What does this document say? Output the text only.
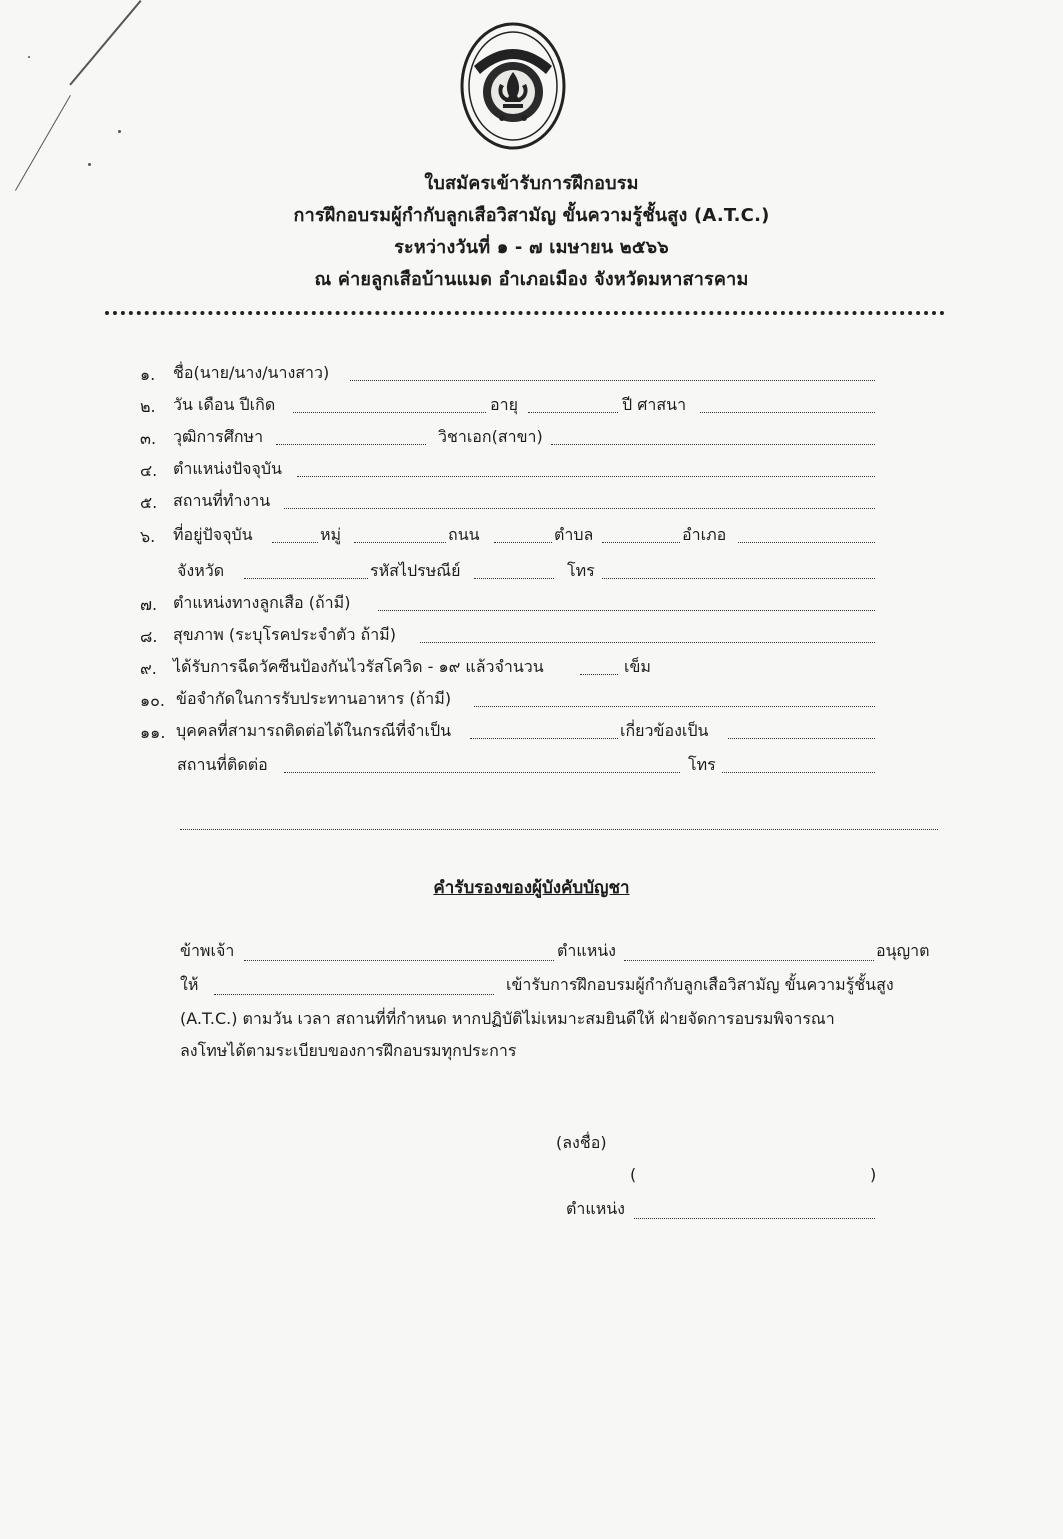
ใบสมัครเข้ารับการฝึกอบรม
การฝึกอบรมผู้กำกับลูกเสือวิสามัญ ขั้นความรู้ชั้นสูง (A.T.C.)
ระหว่างวันที่ ๑ - ๗ เมษายน ๒๕๖๖
ณ ค่ายลูกเสือบ้านแมด อำเภอเมือง จังหวัดมหาสารคาม
๑. ชื่อ(นาย/นาง/นางสาว)
๒. วัน เดือน ปีเกิด	อายุ	ปี ศาสนา
๓. วุฒิการศึกษา	วิชาเอก(สาขา)
๔. ตำแหน่งปัจจุบัน
๕. สถานที่ทำงาน
๖. ที่อยู่ปัจจุบัน	หมู่	ถนน	ตำบล	อำเภอ
จังหวัด	รหัสไปรษณีย์	โทร
๗. ตำแหน่งทางลูกเสือ (ถ้ามี)
๘. สุขภาพ (ระบุโรคประจำตัว ถ้ามี)
๙. ได้รับการฉีดวัคซีนป้องกันไวรัสโควิด - ๑๙ แล้วจำนวน	เข็ม
๑๐. ข้อจำกัดในการรับประทานอาหาร (ถ้ามี)
๑๑. บุคคลที่สามารถติดต่อได้ในกรณีที่จำเป็น	เกี่ยวข้องเป็น
สถานที่ติดต่อ	โทร
คำรับรองของผู้บังคับบัญชา
ข้าพเจ้า	ตำแหน่ง	อนุญาต
ให้	เข้ารับการฝึกอบรมผู้กำกับลูกเสือวิสามัญ ขั้นความรู้ชั้นสูง
(A.T.C.) ตามวัน เวลา สถานที่ที่กำหนด หากปฏิบัติไม่เหมาะสมยินดีให้ ฝ่ายจัดการอบรมพิจารณา
ลงโทษได้ตามระเบียบของการฝึกอบรมทุกประการ
(ลงชื่อ)
(	)
ตำแหน่ง
